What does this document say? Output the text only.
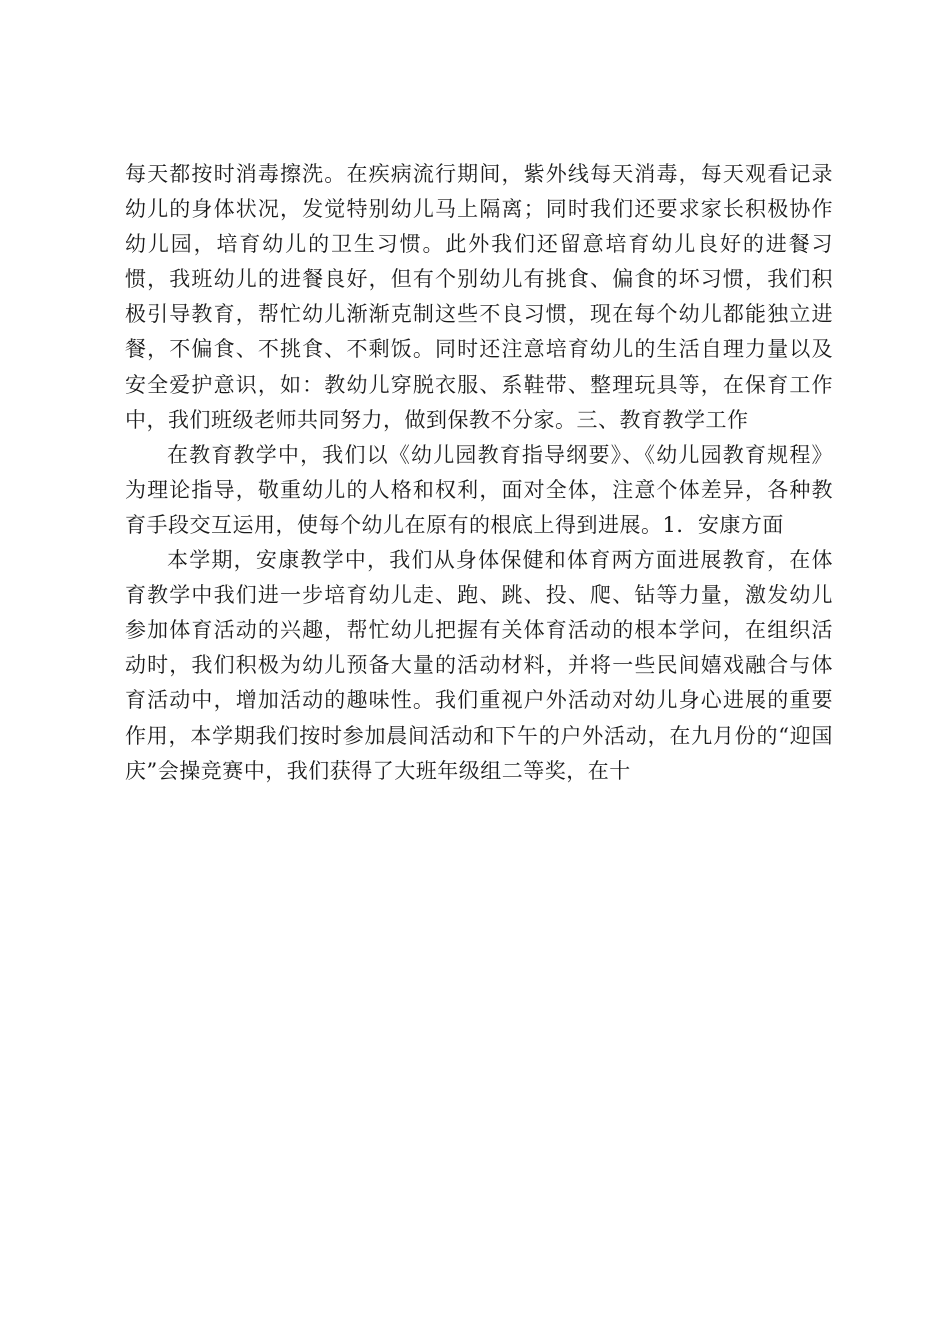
每天都按时消毒擦洗。在疾病流行期间，紫外线每天消毒，每天观看记录幼儿的身体状况，发觉特别幼儿马上隔离；同时我们还要求家长积极协作幼儿园，培育幼儿的卫生习惯。此外我们还留意培育幼儿良好的进餐习惯，我班幼儿的进餐良好，但有个别幼儿有挑食、偏食的坏习惯，我们积极引导教育，帮忙幼儿渐渐克制这些不良习惯，现在每个幼儿都能独立进餐，不偏食、不挑食、不剩饭。同时还注意培育幼儿的生活自理力量以及安全爱护意识，如：教幼儿穿脱衣服、系鞋带、整理玩具等，在保育工作中，我们班级老师共同努力，做到保教不分家。三、教育教学工作

在教育教学中，我们以《幼儿园教育指导纲要》、《幼儿园教育规程》为理论指导，敬重幼儿的人格和权利，面对全体，注意个体差异，各种教育手段交互运用，使每个幼儿在原有的根底上得到进展。1．安康方面

本学期，安康教学中，我们从身体保健和体育两方面进展教育，在体育教学中我们进一步培育幼儿走、跑、跳、投、爬、钻等力量，激发幼儿参加体育活动的兴趣，帮忙幼儿把握有关体育活动的根本学问，在组织活动时，我们积极为幼儿预备大量的活动材料，并将一些民间嬉戏融合与体育活动中，增加活动的趣味性。我们重视户外活动对幼儿身心进展的重要作用，本学期我们按时参加晨间活动和下午的户外活动，在九月份的“迎国庆”会操竞赛中，我们获得了大班年级组二等奖，在十
